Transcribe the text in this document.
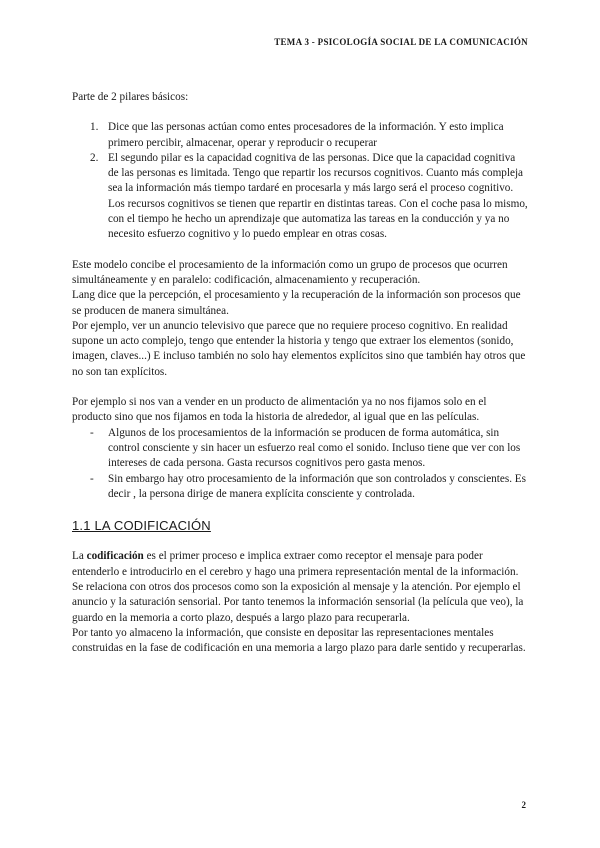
TEMA 3 - PSICOLOGÍA SOCIAL DE LA COMUNICACIÓN

Parte de 2 pilares básicos:

1. Dice que las personas actúan como entes procesadores de la información. Y esto implica primero percibir, almacenar, operar y reproducir o recuperar
2. El segundo pilar es la capacidad cognitiva de las personas. Dice que la capacidad cognitiva de las personas es limitada. Tengo que repartir los recursos cognitivos. Cuanto más compleja sea la información más tiempo tardaré en procesarla y más largo será el proceso cognitivo. Los recursos cognitivos se tienen que repartir en distintas tareas. Con el coche pasa lo mismo, con el tiempo he hecho un aprendizaje que automatiza las tareas en la conducción y ya no necesito esfuerzo cognitivo y lo puedo emplear en otras cosas.

Este modelo concibe el procesamiento de la información como un grupo de procesos que ocurren simultáneamente y en paralelo: codificación, almacenamiento y recuperación.

Lang dice que la percepción, el procesamiento y la recuperación de la información son procesos que se producen de manera simultánea.

Por ejemplo, ver un anuncio televisivo que parece que no requiere proceso cognitivo. En realidad supone un acto complejo, tengo que entender la historia y tengo que extraer los elementos (sonido, imagen, claves...) E incluso también no solo hay elementos explícitos sino que también hay otros que no son tan explícitos.

Por ejemplo si nos van a vender en un producto de alimentación ya no nos fijamos solo en el producto sino que nos fijamos en toda la historia de alrededor, al igual que en las películas.

- Algunos de los procesamientos de la información se producen de forma automática, sin control consciente y sin hacer un esfuerzo real como el sonido. Incluso tiene que ver con los intereses de cada persona. Gasta recursos cognitivos pero gasta menos.
- Sin embargo hay otro procesamiento de la información que son controlados y conscientes. Es decir , la persona dirige de manera explícita consciente y controlada.
1.1 LA CODIFICACIÓN

La codificación es el primer proceso e implica extraer como receptor el mensaje para poder entenderlo e introducirlo en el cerebro y hago una primera representación mental de la información.

Se relaciona con otros dos procesos como son la exposición al mensaje y la atención. Por ejemplo el anuncio y la saturación sensorial. Por tanto tenemos la información sensorial (la película que veo), la guardo en la memoria a corto plazo, después a largo plazo para recuperarla.

Por tanto yo almaceno la información, que consiste en depositar las representaciones mentales construidas en la fase de codificación en una memoria a largo plazo para darle sentido y recuperarlas.

2
